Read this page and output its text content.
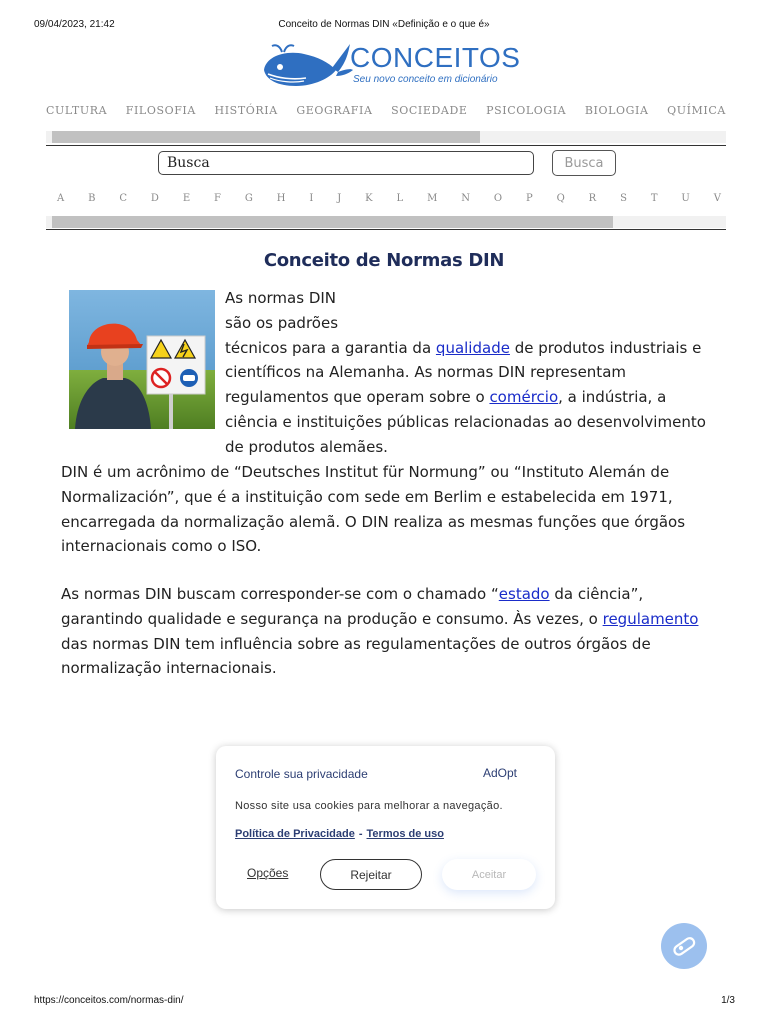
09/04/2023, 21:42	Conceito de Normas DIN «Definição e o que é»
CONCEITOS
Seu novo conceito em dicionário
CULTURA FILOSOFIA HISTÓRIA GEOGRAFIA SOCIEDADE PSICOLOGIA BIOLOGIA QUÍMICA
Busca
Busca
A B C D E F G H I J K L M N O P Q R S T U V
Conceito de Normas DIN
As normas DIN
são os padrões
técnicos para a garantia da qualidade de produtos industriais e científicos na Alemanha. As normas DIN representam regulamentos que operam sobre o comércio, a indústria, a ciência e instituições públicas relacionadas ao desenvolvimento de produtos alemães.
DIN é um acrônimo de “Deutsches Institut für Normung” ou “Instituto Alemán de Normalización”, que é a instituição com sede em Berlim e estabelecida em 1971, encarregada da normalização alemã. O DIN realiza as mesmas funções que órgãos internacionais como o ISO.
As normas DIN buscam corresponder-se com o chamado “estado da ciência”, garantindo qualidade e segurança na produção e consumo. Às vezes, o regulamento das normas DIN tem influência sobre as regulamentações de outros órgãos de normalização internacionais.
Controle sua privacidade	AdOpt
Nosso site usa cookies para melhorar a navegação.
Política de Privacidade - Termos de uso
Opções	Rejeitar	Aceitar
https://conceitos.com/normas-din/	1/3
